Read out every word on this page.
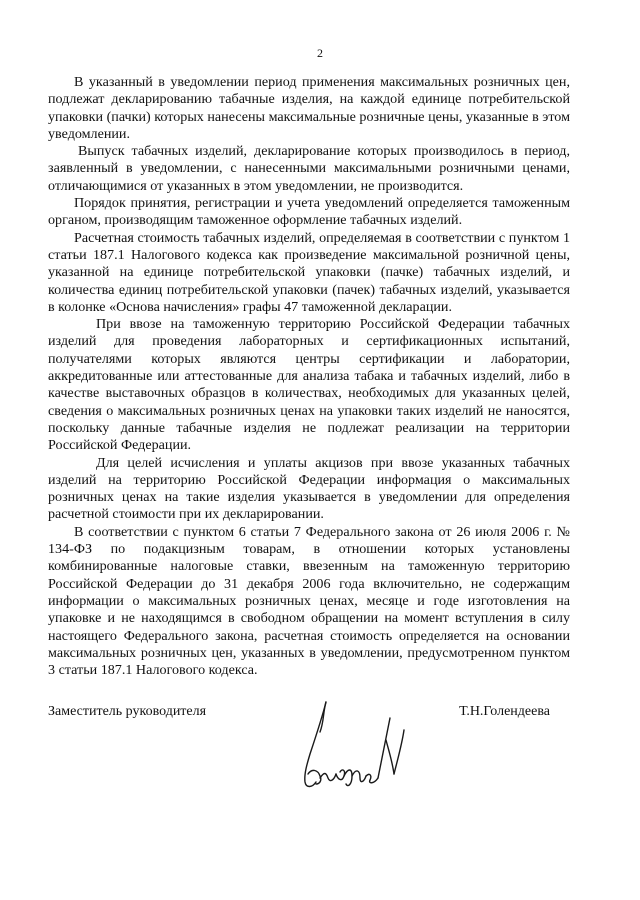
2

В указанный в уведомлении период применения максимальных розничных цен, подлежат декларированию табачные изделия, на каждой единице потребительской упаковки (пачки) которых нанесены максимальные розничные цены, указанные в этом уведомлении.

Выпуск табачных изделий, декларирование которых производилось в период, заявленный в уведомлении, с нанесенными максимальными розничными ценами, отличающимися от указанных в этом уведомлении, не производится.

Порядок принятия, регистрации и учета уведомлений определяется таможенным органом, производящим таможенное оформление табачных изделий.

Расчетная стоимость табачных изделий, определяемая в соответствии с пунктом 1 статьи 187.1 Налогового кодекса как произведение максимальной розничной цены, указанной на единице потребительской упаковки (пачке) табачных изделий, и количества единиц потребительской упаковки (пачек) табачных изделий, указывается в колонке «Основа начисления» графы 47 таможенной декларации.

При ввозе на таможенную территорию Российской Федерации табачных изделий для проведения лабораторных и сертификационных испытаний, получателями которых являются центры сертификации и лаборатории, аккредитованные или аттестованные для анализа табака и табачных изделий, либо в качестве выставочных образцов в количествах, необходимых для указанных целей, сведения о максимальных розничных ценах на упаковки таких изделий не наносятся, поскольку данные табачные изделия не подлежат реализации на территории Российской Федерации.

Для целей исчисления и уплаты акцизов при ввозе указанных табачных изделий на территорию Российской Федерации информация о максимальных розничных ценах на такие изделия указывается в уведомлении для определения расчетной стоимости при их декларировании.

В соответствии с пунктом 6 статьи 7 Федерального закона от 26 июля 2006 г. № 134-ФЗ по подакцизным товарам, в отношении которых установлены комбинированные налоговые ставки, ввезенным на таможенную территорию Российской Федерации до 31 декабря 2006 года включительно, не содержащим информации о максимальных розничных ценах, месяце и годе изготовления на упаковке и не находящимся в свободном обращении на момент вступления в силу настоящего Федерального закона, расчетная стоимость определяется на основании максимальных розничных цен, указанных в уведомлении, предусмотренном пунктом 3 статьи 187.1 Налогового кодекса.

Заместитель руководителя	Т.Н.Голендеева
